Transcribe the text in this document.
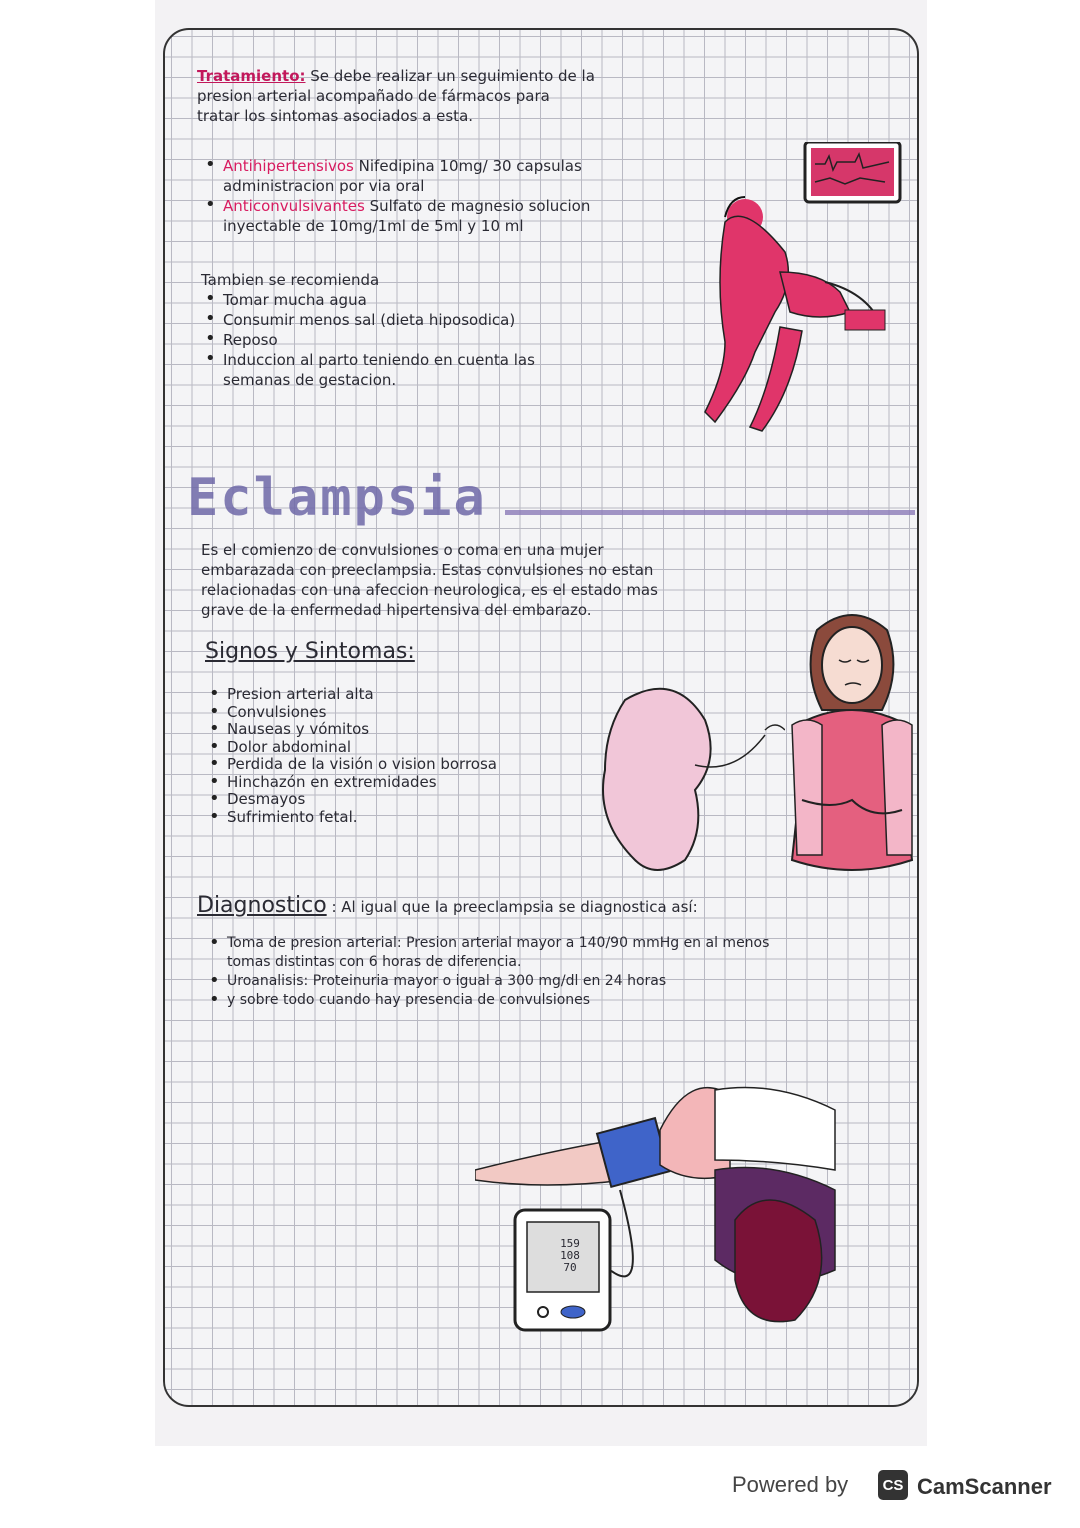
Tratamiento: Se debe realizar un seguimiento de la
presion arterial acompañado de fármacos para
tratar los sintomas asociados a esta.
• Antihipertensivos Nifedipina 10mg/ 30 capsulas
administracion por via oral
• Anticonvulsivantes Sulfato de magnesio solucion
inyectable de 10mg/1ml de 5ml y 10 ml
Tambien se recomienda
• Tomar mucha agua
• Consumir menos sal (dieta hiposodica)
• Reposo
• Induccion al parto teniendo en cuenta las
semanas de gestacion.
Eclampsia
Es el comienzo de convulsiones o coma en una mujer
embarazada con preeclampsia. Estas convulsiones no estan
relacionadas con una afeccion neurologica, es el estado mas
grave de la enfermedad hipertensiva del embarazo.
Signos y Sintomas:
• Presion arterial alta
• Convulsiones
• Nauseas y vómitos
• Dolor abdominal
• Perdida de la visión o vision borrosa
• Hinchazón en extremidades
• Desmayos
• Sufrimiento fetal.
Diagnostico : Al igual que la preeclampsia se diagnostica así:
• Toma de presion arterial: Presion arterial mayor a 140/90 mmHg en al menos
tomas distintas con 6 horas de diferencia.
• Uroanalisis: Proteinuria mayor o igual a 300 mg/dl en 24 horas
• y sobre todo cuando hay presencia de convulsiones
159
108
70
Powered by	CS CamScanner
